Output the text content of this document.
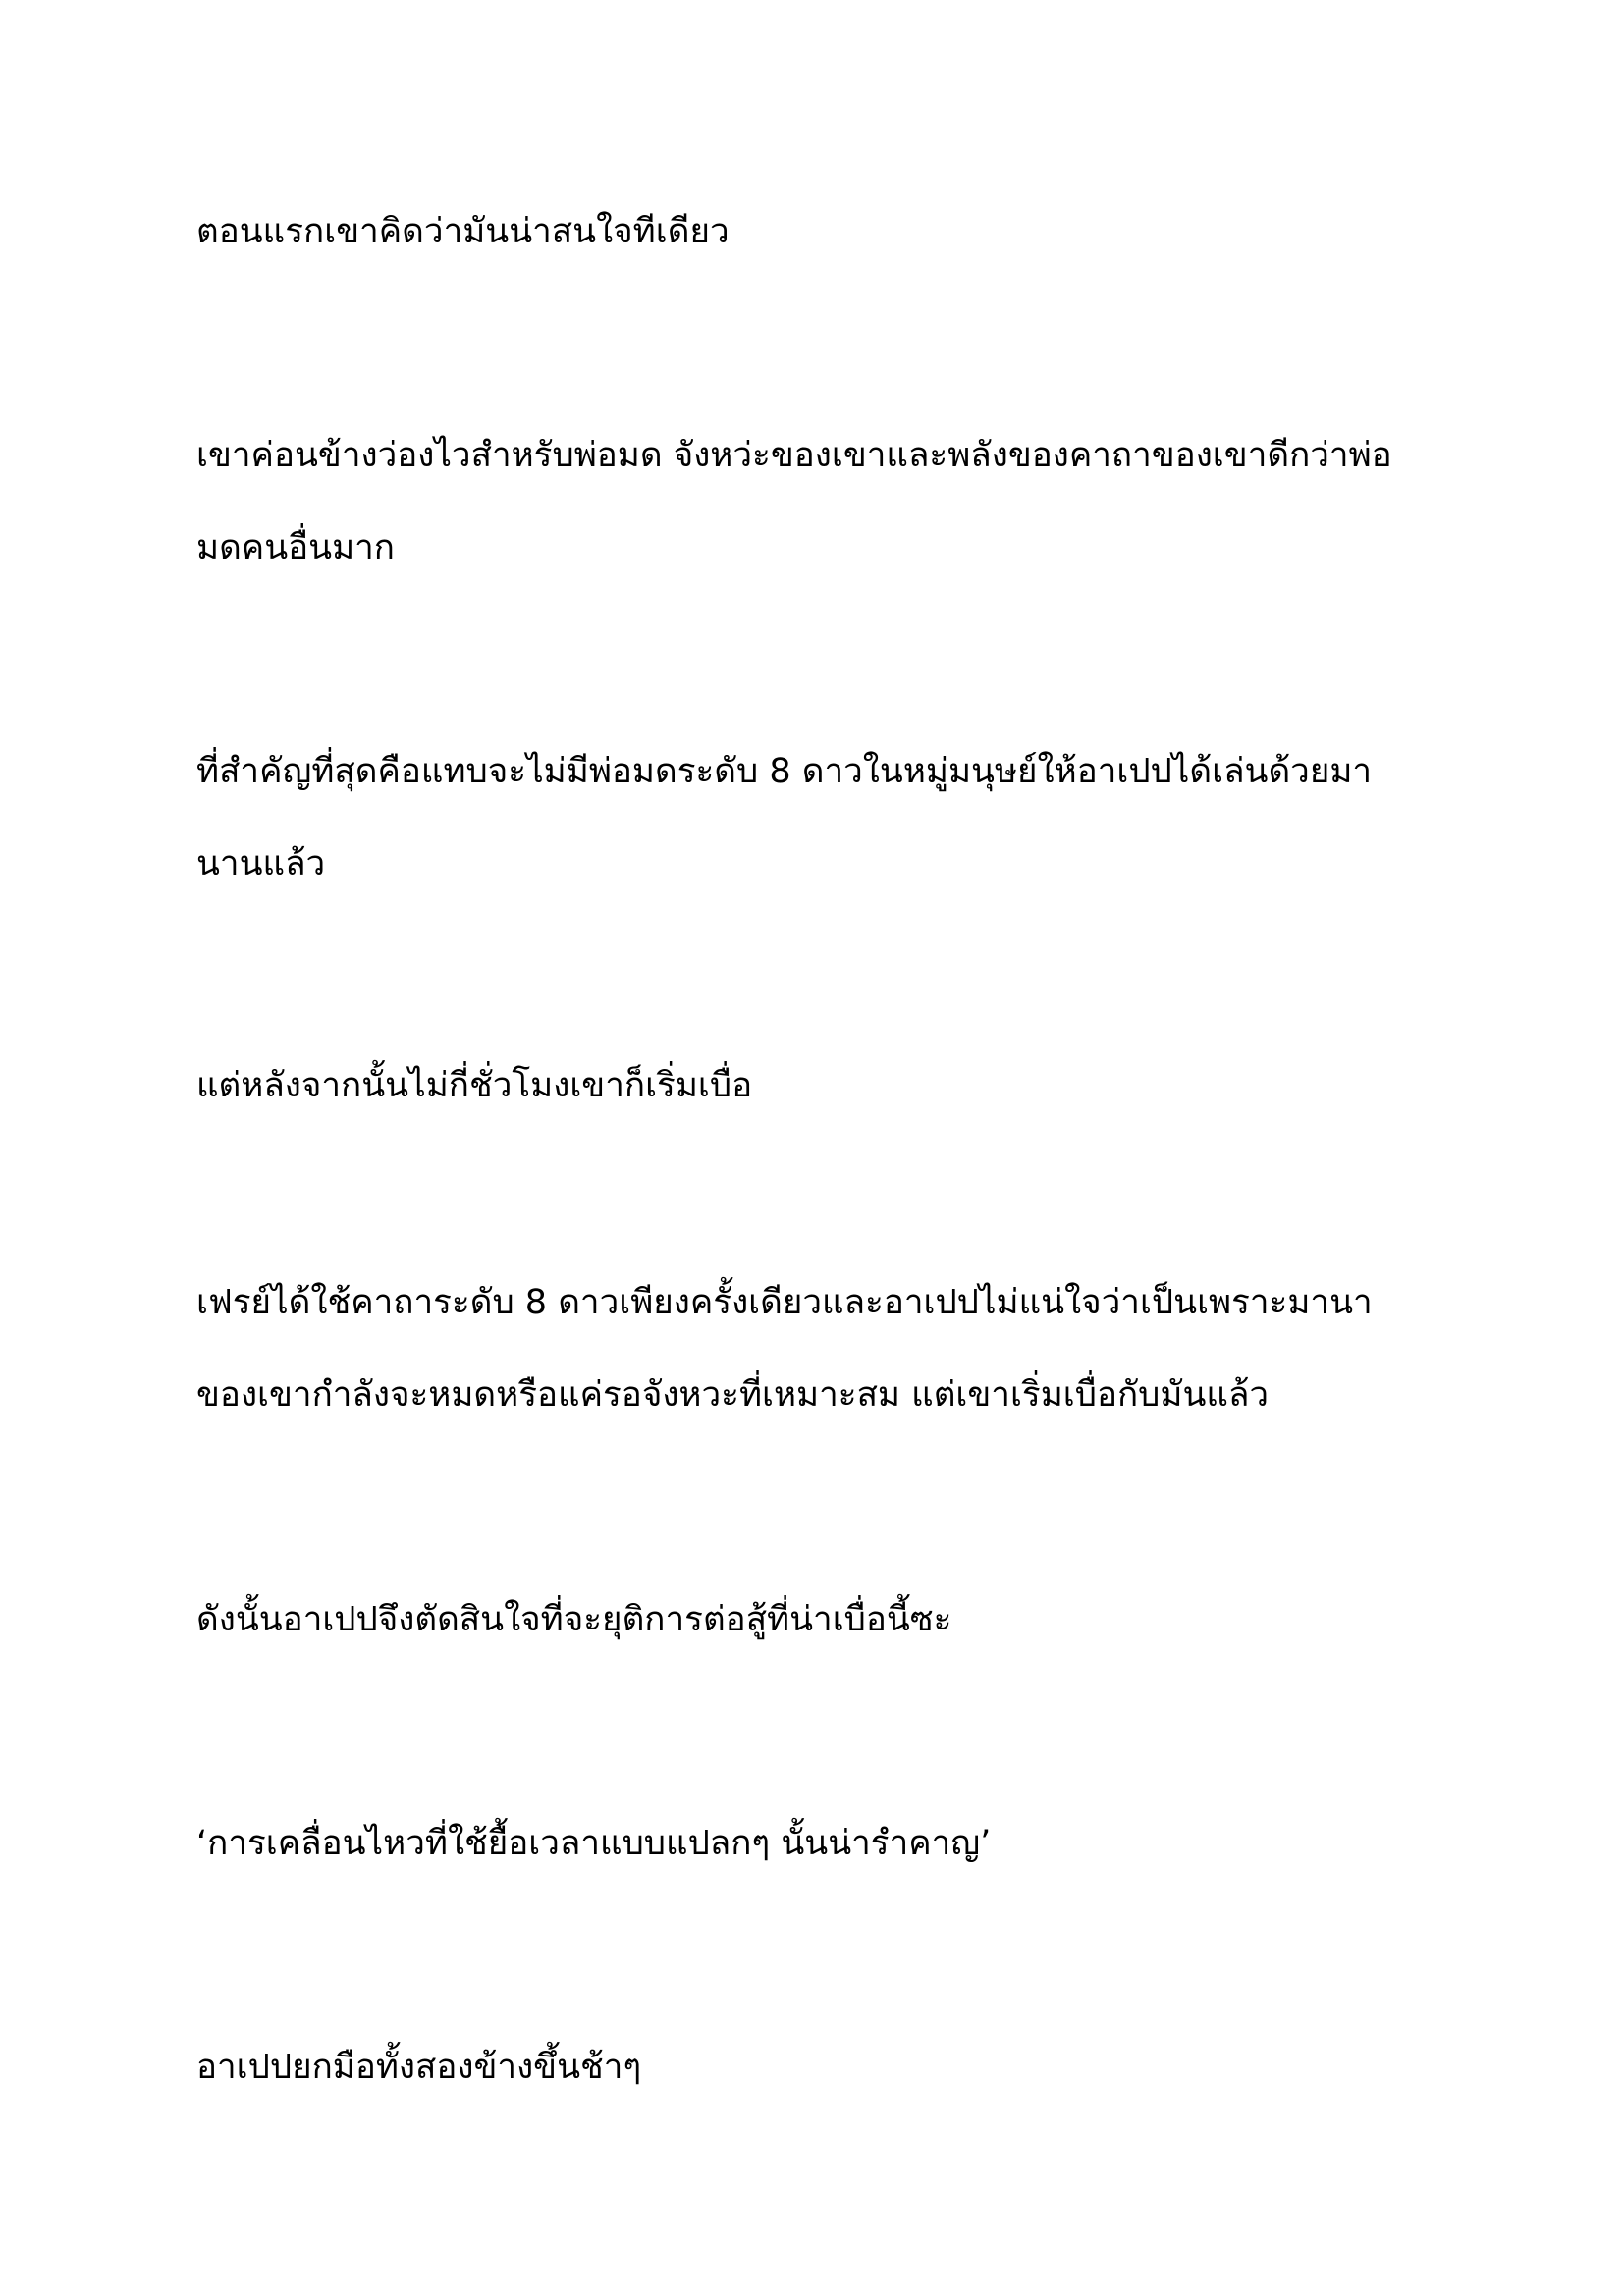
ตอนแรกเขาคิดว่ามันน่าสนใจทีเดียว

เขาค่อนข้างว่องไวสำหรับพ่อมด จังหว่ะของเขาและพลังของคาถาของเขาดีกว่าพ่อ
มดคนอื่นมาก

ที่สำคัญที่สุดคือแทบจะไม่มีพ่อมดระดับ 8 ดาวในหมู่มนุษย์ให้อาเปปได้เล่นด้วยมา
นานแล้ว

แต่หลังจากนั้นไม่กี่ชั่วโมงเขาก็เริ่มเบื่อ

เฟรย์ได้ใช้คาถาระดับ 8 ดาวเพียงครั้งเดียวและอาเปปไม่แน่ใจว่าเป็นเพราะมานา
ของเขากำลังจะหมดหรือแค่รอจังหวะที่เหมาะสม แต่เขาเริ่มเบื่อกับมันแล้ว

ดังนั้นอาเปปจึงตัดสินใจที่จะยุติการต่อสู้ที่น่าเบื่อนี้ซะ

‘การเคลื่อนไหวที่ใช้ยื้อเวลาแบบแปลกๆ นั้นน่ารำคาญ’

อาเปปยกมือทั้งสองข้างขึ้นช้าๆ
